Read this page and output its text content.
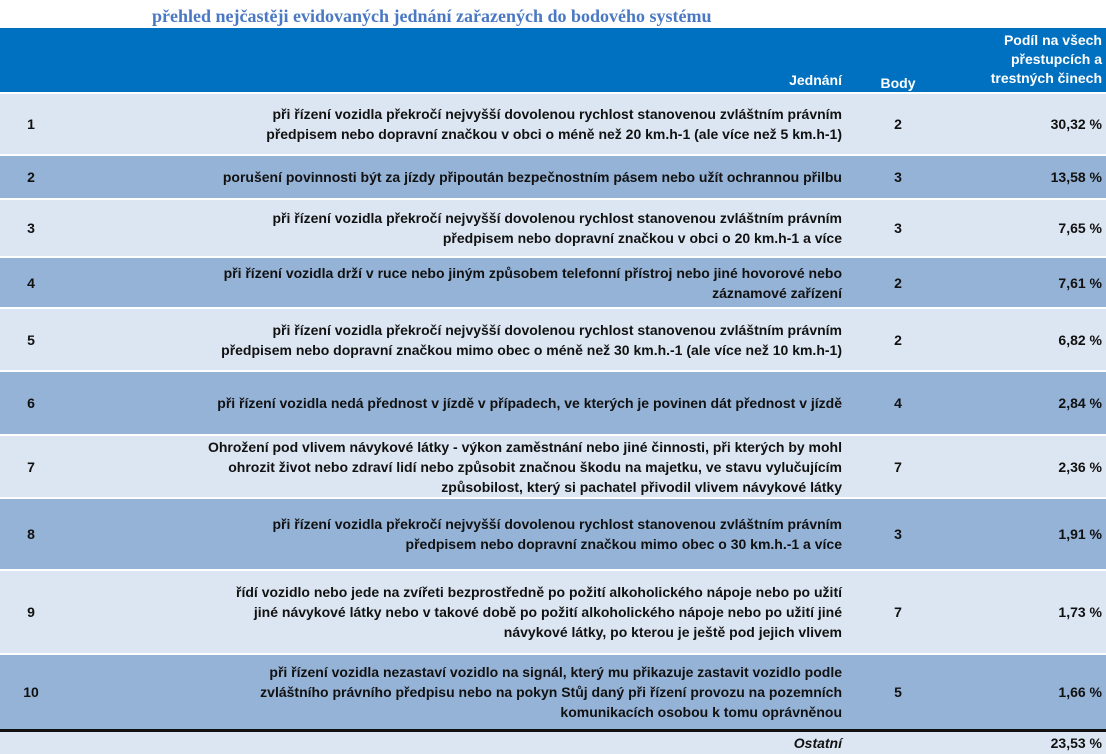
přehled nejčastěji evidovaných jednání zařazených do bodového systému
	Jednání	Body	Podíl na všech
přestupcích a
trestných činech
1	při řízení vozidla překročí nejvyšší dovolenou rychlost stanovenou zvláštním právním
předpisem nebo dopravní značkou v obci o méně než 20 km.h-1 (ale více než 5 km.h-1)	2	30,32 %
2	porušení povinnosti být za jízdy připoután bezpečnostním pásem nebo užít ochrannou přilbu	3	13,58 %
3	při řízení vozidla překročí nejvyšší dovolenou rychlost stanovenou zvláštním právním
předpisem nebo dopravní značkou v obci o 20 km.h-1 a více	3	7,65 %
4	při řízení vozidla drží v ruce nebo jiným způsobem telefonní přístroj nebo jiné hovorové nebo
záznamové zařízení	2	7,61 %
5	při řízení vozidla překročí nejvyšší dovolenou rychlost stanovenou zvláštním právním
předpisem nebo dopravní značkou mimo obec o méně než 30 km.h.-1 (ale více než 10 km.h-1)	2	6,82 %
6	při řízení vozidla nedá přednost v jízdě v případech, ve kterých je povinen dát přednost v jízdě	4	2,84 %
7	Ohrožení pod vlivem návykové látky - výkon zaměstnání nebo jiné činnosti, při kterých by mohl
ohrozit život nebo zdraví lidí nebo způsobit značnou škodu na majetku, ve stavu vylučujícím
způsobilost, který si pachatel přivodil vlivem návykové látky	7	2,36 %
8	při řízení vozidla překročí nejvyšší dovolenou rychlost stanovenou zvláštním právním
předpisem nebo dopravní značkou mimo obec o 30 km.h.-1 a více	3	1,91 %
9	řídí vozidlo nebo jede na zvířeti bezprostředně po požití alkoholického nápoje nebo po užití
jiné návykové látky nebo v takové době po požití alkoholického nápoje nebo po užití jiné
návykové látky, po kterou je ještě pod jejich vlivem	7	1,73 %
10	při řízení vozidla nezastaví vozidlo na signál, který mu přikazuje zastavit vozidlo podle
zvláštního právního předpisu nebo na pokyn Stůj daný při řízení provozu na pozemních
komunikacích osobou k tomu oprávněnou	5	1,66 %
	Ostatní		23,53 %
